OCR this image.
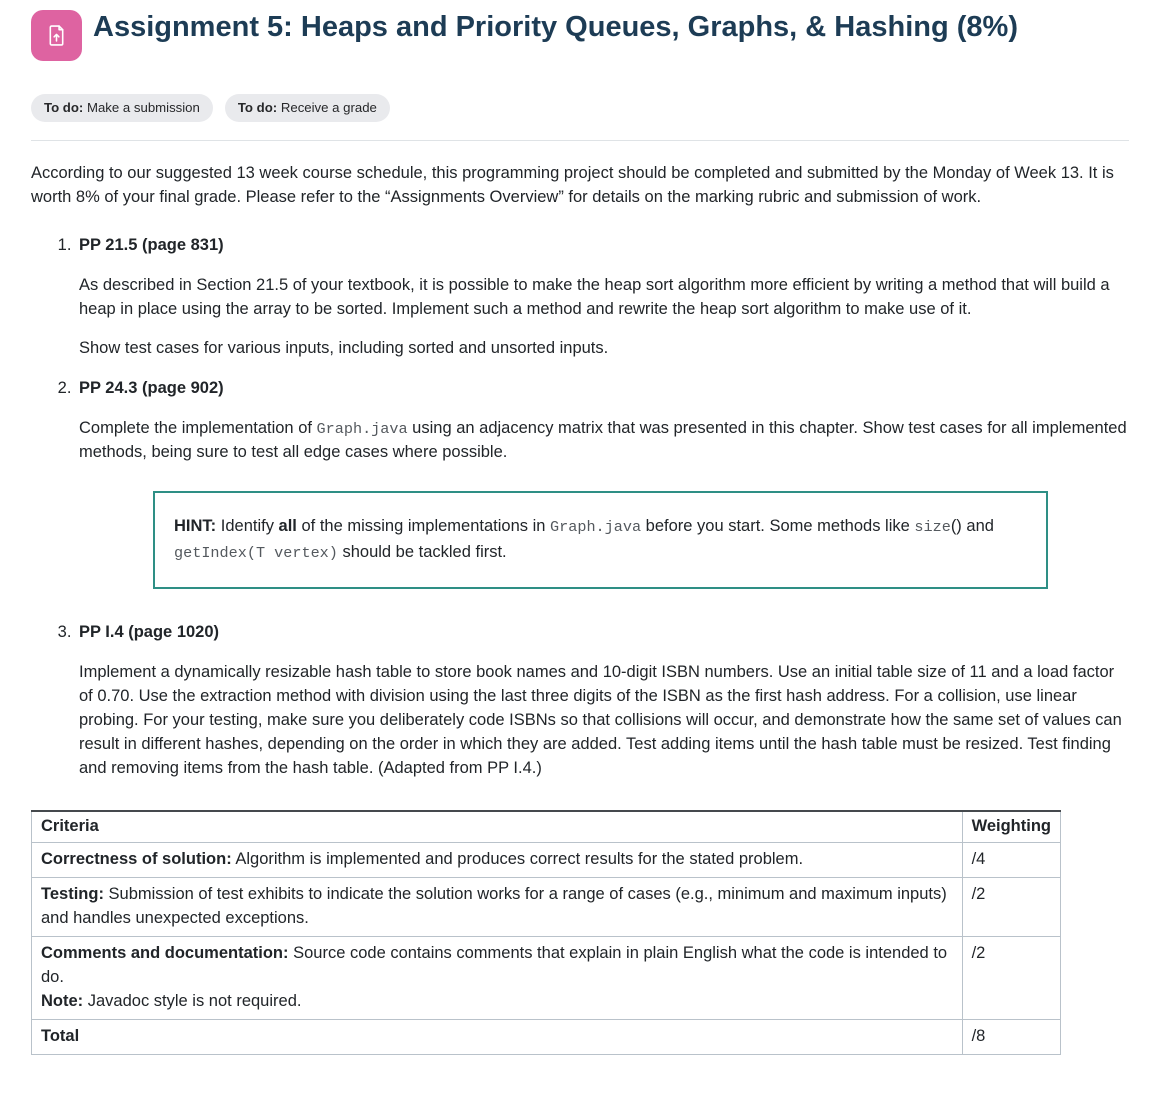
Assignment 5: Heaps and Priority Queues, Graphs, & Hashing (8%)
To do: Make a submission	To do: Receive a grade

According to our suggested 13 week course schedule, this programming project should be completed and submitted by the Monday of Week 13. It is worth 8% of your final grade. Please refer to the “Assignments Overview” for details on the marking rubric and submission of work.

1. PP 21.5 (page 831)

As described in Section 21.5 of your textbook, it is possible to make the heap sort algorithm more efficient by writing a method that will build a heap in place using the array to be sorted. Implement such a method and rewrite the heap sort algorithm to make use of it.

Show test cases for various inputs, including sorted and unsorted inputs.

2. PP 24.3 (page 902)

Complete the implementation of Graph.java using an adjacency matrix that was presented in this chapter. Show test cases for all implemented methods, being sure to test all edge cases where possible.

HINT: Identify all of the missing implementations in Graph.java before you start. Some methods like size() and getIndex(T vertex) should be tackled first.

3. PP I.4 (page 1020)

Implement a dynamically resizable hash table to store book names and 10-digit ISBN numbers. Use an initial table size of 11 and a load factor of 0.70. Use the extraction method with division using the last three digits of the ISBN as the first hash address. For a collision, use linear probing. For your testing, make sure you deliberately code ISBNs so that collisions will occur, and demonstrate how the same set of values can result in different hashes, depending on the order in which they are added. Test adding items until the hash table must be resized. Test finding and removing items from the hash table. (Adapted from PP I.4.)

Criteria	Weighting

Correctness of solution: Algorithm is implemented and produces correct results for the stated problem.	/4

Testing: Submission of test exhibits to indicate the solution works for a range of cases (e.g., minimum and maximum inputs) and handles unexpected exceptions.	/2

Comments and documentation: Source code contains comments that explain in plain English what the code is intended to do.

Note: Javadoc style is not required.	/2

Total	/8
